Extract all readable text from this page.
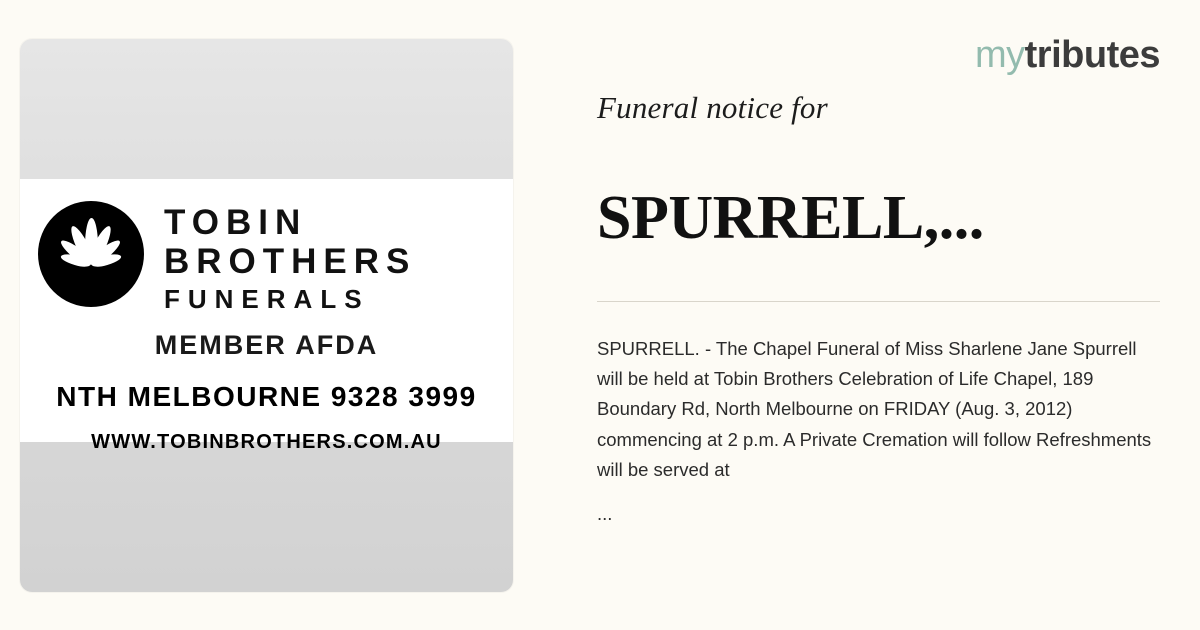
TOBIN
BROTHERS
FUNERALS
MEMBER AFDA
NTH MELBOURNE 9328 3999
WWW.TOBINBROTHERS.COM.AU
mytributes
Funeral notice for
SPURRELL,...

SPURRELL. - The Chapel Funeral of Miss Sharlene Jane Spurrell will be held at Tobin Brothers Celebration of Life Chapel, 189 Boundary Rd, North Melbourne on FRIDAY (Aug. 3, 2012) commencing at 2 p.m. A Private Cremation will follow Refreshments will be served at

...
